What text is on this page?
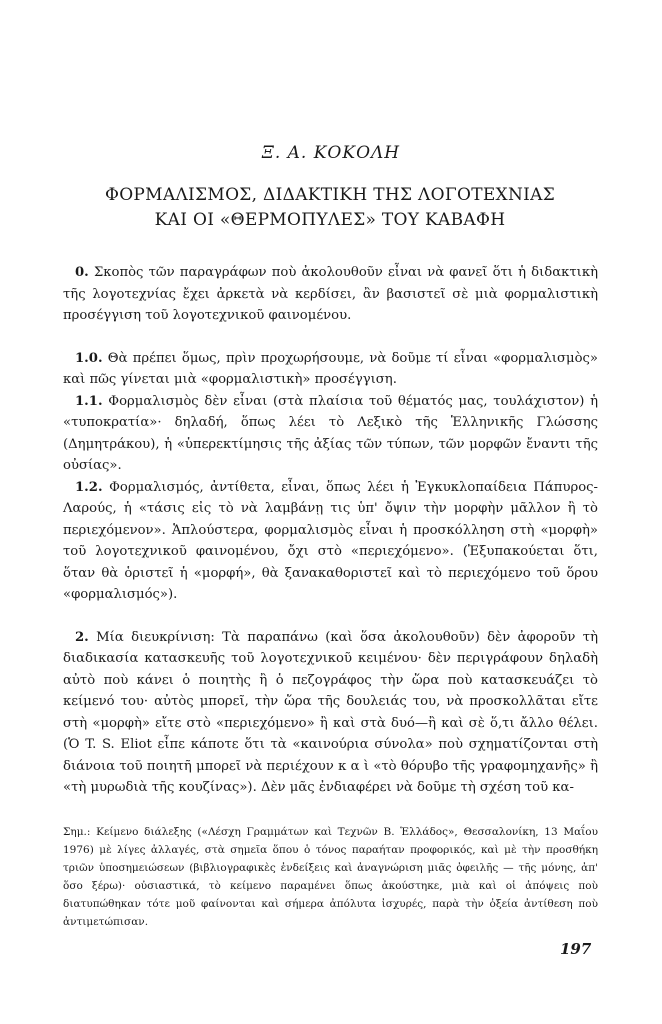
Ξ. Α. ΚΟΚΟΛΗ
ΦΟΡΜΑΛΙΣΜΟΣ, ΔΙΔΑΚΤΙΚΗ ΤΗΣ ΛΟΓΟΤΕΧΝΙΑΣ
ΚΑΙ ΟΙ «ΘΕΡΜΟΠΥΛΕΣ» ΤΟΥ ΚΑΒΑΦΗ

0. Σκοπὸς τῶν παραγράφων ποὺ ἀκολουθοῦν εἶναι νὰ φανεῖ ὅτι ἡ διδακτικὴ τῆς λογοτεχνίας ἔχει ἀρκετὰ νὰ κερδίσει, ἂν βασιστεῖ σὲ μιὰ φορμαλιστικὴ προσέγγιση τοῦ λογοτεχνικοῦ φαινομένου.

1.0. Θὰ πρέπει ὅμως, πρὶν προχωρήσουμε, νὰ δοῦμε τί εἶναι «φορμαλισμὸς» καὶ πῶς γίνεται μιὰ «φορμαλιστικὴ» προσέγγιση.

1.1. Φορμαλισμὸς δὲν εἶναι (στὰ πλαίσια τοῦ θέματός μας, τουλάχιστον) ἡ «τυποκρατία»· δηλαδή, ὅπως λέει τὸ Λεξικὸ τῆς Ἑλληνικῆς Γλώσσης (Δημητράκου), ἡ «ὑπερεκτίμησις τῆς ἀξίας τῶν τύπων, τῶν μορφῶν ἔναντι τῆς οὐσίας».

1.2. Φορμαλισμός, ἀντίθετα, εἶναι, ὅπως λέει ἡ Ἐγκυκλοπαίδεια Πάπυρος-Λαρούς, ἡ «τάσις εἰς τὸ νὰ λαμβάνῃ τις ὑπ' ὄψιν τὴν μορφὴν μᾶλλον ἢ τὸ περιεχόμενον». Ἁπλούστερα, φορμαλισμὸς εἶναι ἡ προσκόλληση στὴ «μορφὴ» τοῦ λογοτεχνικοῦ φαινομένου, ὄχι στὸ «περιεχόμενο». (Ἐξυπακούεται ὅτι, ὅταν θὰ ὁριστεῖ ἡ «μορφή», θὰ ξανακαθοριστεῖ καὶ τὸ περιεχόμενο τοῦ ὅρου «φορμαλισμός»).

2. Μία διευκρίνιση: Τὰ παραπάνω (καὶ ὅσα ἀκολουθοῦν) δὲν ἀφοροῦν τὴ διαδικασία κατασκευῆς τοῦ λογοτεχνικοῦ κειμένου· δὲν περιγράφουν δηλαδὴ αὐτὸ ποὺ κάνει ὁ ποιητὴς ἢ ὁ πεζογράφος τὴν ὥρα ποὺ κατασκευάζει τὸ κείμενό του· αὐτὸς μπορεῖ, τὴν ὥρα τῆς δουλειάς του, νὰ προσκολλᾶται εἴτε στὴ «μορφὴ» εἴτε στὸ «περιεχόμενο» ἢ καὶ στὰ δυό—ἢ καὶ σὲ ὅ,τι ἄλλο θέλει. (Ὁ T. S. Eliot εἶπε κάποτε ὅτι τὰ «καινούρια σύνολα» ποὺ σχηματίζονται στὴ διάνοια τοῦ ποιητῆ μπορεῖ νὰ περιέχουν κ α ὶ «τὸ θόρυβο τῆς γραφομηχανῆς» ἢ «τὴ μυρωδιὰ τῆς κουζίνας»). Δὲν μᾶς ἐνδιαφέρει νὰ δοῦμε τὴ σχέση τοῦ κα-

Σημ.: Κείμενο διάλεξης («Λέσχη Γραμμάτων καὶ Τεχνῶν Β. Ἑλλάδος», Θεσσαλονίκη, 13 Μαΐου 1976) μὲ λίγες ἀλλαγές, στὰ σημεῖα ὅπου ὁ τόνος παραήταν προφορικός, καὶ μὲ τὴν προσθήκη τριῶν ὑποσημειώσεων (βιβλιογραφικὲς ἐνδείξεις καὶ ἀναγνώριση μιᾶς ὀφειλῆς — τῆς μόνης, ἀπ' ὅσο ξέρω)· οὐσιαστικά, τὸ κείμενο παραμένει ὅπως ἀκούστηκε, μιὰ καὶ οἱ ἀπόψεις ποὺ διατυπώθηκαν τότε μοῦ φαίνονται καὶ σήμερα ἀπόλυτα ἰσχυρές, παρὰ τὴν ὀξεία ἀντίθεση ποὺ ἀντιμετώπισαν.
197
